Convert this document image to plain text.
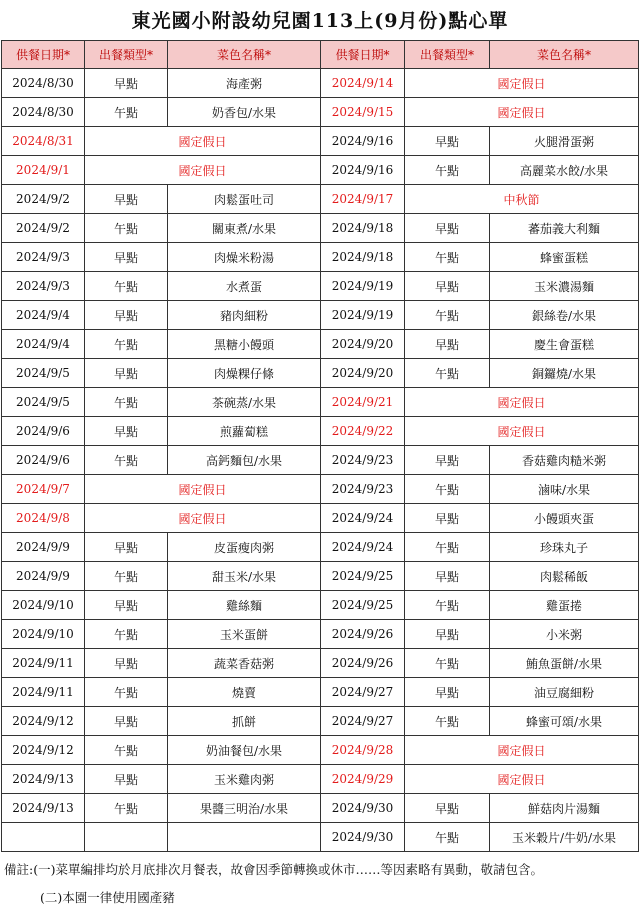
東光國小附設幼兒園113上(9月份)點心單
供餐日期*	出餐類型*	菜色名稱*	供餐日期*	出餐類型*	菜色名稱*
2024/8/30	早點	海產粥	2024/9/14	國定假日	
2024/8/30	午點	奶香包/水果	2024/9/15	國定假日	
2024/8/31	國定假日		2024/9/16	早點	火腿滑蛋粥
2024/9/1	國定假日		2024/9/16	午點	高麗菜水餃/水果
2024/9/2	早點	肉鬆蛋吐司	2024/9/17	中秋節	
2024/9/2	午點	關東煮/水果	2024/9/18	早點	蕃茄義大利麵
2024/9/3	早點	肉燥米粉湯	2024/9/18	午點	蜂蜜蛋糕
2024/9/3	午點	水煮蛋	2024/9/19	早點	玉米濃湯麵
2024/9/4	早點	豬肉細粉	2024/9/19	午點	銀絲卷/水果
2024/9/4	午點	黑糖小饅頭	2024/9/20	早點	慶生會蛋糕
2024/9/5	早點	肉燥粿仔條	2024/9/20	午點	銅鑼燒/水果
2024/9/5	午點	茶碗蒸/水果	2024/9/21	國定假日	
2024/9/6	早點	煎蘿蔔糕	2024/9/22	國定假日	
2024/9/6	午點	高鈣麵包/水果	2024/9/23	早點	香菇雞肉糙米粥
2024/9/7	國定假日		2024/9/23	午點	滷味/水果
2024/9/8	國定假日		2024/9/24	早點	小饅頭夾蛋
2024/9/9	早點	皮蛋瘦肉粥	2024/9/24	午點	珍珠丸子
2024/9/9	午點	甜玉米/水果	2024/9/25	早點	肉鬆稀飯
2024/9/10	早點	雞絲麵	2024/9/25	午點	雞蛋捲
2024/9/10	午點	玉米蛋餅	2024/9/26	早點	小米粥
2024/9/11	早點	蔬菜香菇粥	2024/9/26	午點	鮪魚蛋餅/水果
2024/9/11	午點	燒賣	2024/9/27	早點	油豆腐細粉
2024/9/12	早點	抓餅	2024/9/27	午點	蜂蜜可頌/水果
2024/9/12	午點	奶油餐包/水果	2024/9/28	國定假日	
2024/9/13	早點	玉米雞肉粥	2024/9/29	國定假日	
2024/9/13	午點	果醬三明治/水果	2024/9/30	早點	鮮菇肉片湯麵
			2024/9/30	午點	玉米穀片/牛奶/水果
備註:(一)菜單編排均於月底排次月餐表，故會因季節轉換或休市……等因素略有異動，敬請包含。
(二)本園一律使用國產豬
